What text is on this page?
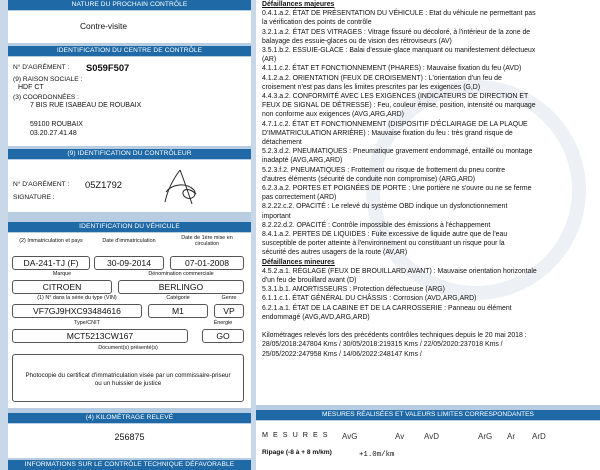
NATURE DU PROCHAIN CONTRÔLE
Contre-visite
IDENTIFICATION DU CENTRE DE CONTRÔLE
N° D'AGRÉMENT : S059F507
(9) RAISON SOCIALE :
HDF CT
(3) COORDONNÉES :
7 BIS RUE ISABEAU DE ROUBAIX
59100 ROUBAIX
03.20.27.41.48
(9) IDENTIFICATION DU CONTRÔLEUR
N° D'AGRÉMENT : 05Z1792
SIGNATURE :
IDENTIFICATION DU VÉHICULE
(2) Immatriculation et pays	Date d'immatriculation	Date de 1ère mise en circulation
DA-241-TJ (F)	30-09-2014	07-01-2008
Marque	Dénomination commerciale
CITROEN	BERLINGO
(1) N° dans la série du type (VIN)	Catégorie	Genre
VF7GJ9HXC93484616	M1	VP
Type/CNIT	Énergie
MCT5213CW167	GO
Document(s) présenté(s)
Photocopie du certificat d'immatriculation visée par un commissaire-priseur
ou un huissier de justice
(4) KILOMÉTRAGE RELEVÉ
256875
INFORMATIONS SUR LE CONTRÔLE TECHNIQUE DÉFAVORABLE
Défaillances majeures
0.4.1.a.2. ÉTAT DE PRÉSENTATION DU VÉHICULE : Etat du véhicule ne permettant pas
la vérification des points de contrôle
3.2.1.a.2. ÉTAT DES VITRAGES : Vitrage fissuré ou décoloré, à l'intérieur de la zone de
balayage des essuie-glaces ou de vision des rétroviseurs (AV)
3.5.1.b.2. ESSUIE-GLACE : Balai d'essuie-glace manquant ou manifestement défectueux
(AR)
4.1.1.c.2. ÉTAT ET FONCTIONNEMENT (PHARES) : Mauvaise fixation du feu (AVD)
4.1.2.a.2. ORIENTATION (FEUX DE CROISEMENT) : L'orientation d'un feu de
croisement n'est pas dans les limites prescrites par les exigences (G,D)
4.4.3.a.2. CONFORMITÉ AVEC LES EXIGENCES (INDICATEURS DE DIRECTION ET
FEUX DE SIGNAL DE DÉTRESSE) : Feu, couleur émise, position, intensité ou marquage
non conforme aux exigences (AVG,ARG,ARD)
4.7.1.c.2. ÉTAT ET FONCTIONNEMENT (DISPOSITIF D'ÉCLAIRAGE DE LA PLAQUE
D'IMMATRICULATION ARRIÈRE) : Mauvaise fixation du feu : très grand risque de
détachement
5.2.3.d.2. PNEUMATIQUES : Pneumatique gravement endommagé, entaillé ou montage
inadapté (AVG,ARG,ARD)
5.2.3.f.2. PNEUMATIQUES : Frottement ou risque de frottement du pneu contre
d'autres éléments (sécurité de conduite non compromise) (ARG,ARD)
6.2.3.a.2. PORTES ET POIGNÉES DE PORTE : Une portière ne s'ouvre ou ne se ferme
pas correctement (ARD)
8.2.22.c.2. OPACITÉ : Le relevé du système OBD indique un dysfonctionnement
important
8.2.22.d.2. OPACITÉ : Contrôle impossible des émissions à l'échappement
8.4.1.a.2. PERTES DE LIQUIDES : Fuite excessive de liquide autre que de l'eau
susceptible de porter atteinte à l'environnement ou constituant un risque pour la
sécurité des autres usagers de la route (AV,AR)
Défaillances mineures
4.5.2.a.1. RÉGLAGE (FEUX DE BROUILLARD AVANT) : Mauvaise orientation horizontale
d'un feu de brouillard avant (D)
5.3.1.b.1. AMORTISSEURS : Protection défectueuse (ARG)
6.1.1.c.1. ÉTAT GÉNÉRAL DU CHÂSSIS : Corrosion (AVD,ARG,ARD)
6.2.1.a.1. ÉTAT DE LA CABINE ET DE LA CARROSSERIE : Panneau ou élément
endommagé (AVG,AVD,ARG,ARD)
Kilométrages relevés lors des précédents contrôles techniques depuis le 20 mai 2018 :
28/05/2018:247804 Kms / 30/05/2018:219315 Kms / 22/05/2020:237018 Kms /
25/05/2022:247958 Kms / 14/06/2022:248147 Kms /
MESURES RÉALISÉES ET VALEURS LIMITES CORRESPONDANTES
M E S U R E S AvG	Av AvD	ArG Ar ArD
Ripage (-8 à + 8 m/km)	+1.0m/km
